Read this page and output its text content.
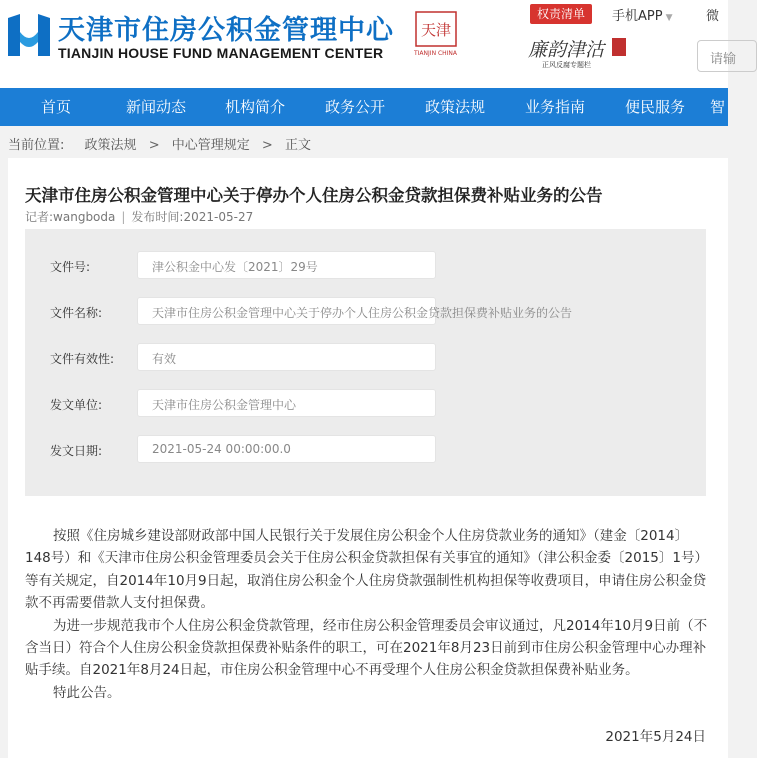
天津市住房公积金管理中心
TIANJIN HOUSE FUND MANAGEMENT CENTER
天津
TIANJIN CHINA
权责清单	手机APP ▼	微
廉韵津沽
正风反腐专题栏	请输
首页	新闻动态	机构简介	政务公开	政策法规	业务指南	便民服务	智
当前位置: 政策法规 > 中心管理规定 > 正文
天津市住房公积金管理中心关于停办个人住房公积金贷款担保费补贴业务的公告
记者:wangboda | 发布时间:2021-05-27
文件号:	津公积金中心发〔2021〕29号
文件名称:	天津市住房公积金管理中心关于停办个人住房公积金贷款担保费补贴业务的公告
文件有效性:	有效
发文单位:	天津市住房公积金管理中心
发文日期:	2021-05-24 00:00:00.0

按照《住房城乡建设部财政部中国人民银行关于发展住房公积金个人住房贷款业务的通知》（建金〔2014〕148号）和《天津市住房公积金管理委员会关于住房公积金贷款担保有关事宜的通知》（津公积金委〔2015〕1号）等有关规定，自2014年10月9日起，取消住房公积金个人住房贷款强制性机构担保等收费项目，申请住房公积金贷款不再需要借款人支付担保费。

为进一步规范我市个人住房公积金贷款管理，经市住房公积金管理委员会审议通过，凡2014年10月9日前（不含当日）符合个人住房公积金贷款担保费补贴条件的职工，可在2021年8月23日前到市住房公积金管理中心办理补贴手续。自2021年8月24日起，市住房公积金管理中心不再受理个人住房公积金贷款担保费补贴业务。

特此公告。

2021年5月24日
